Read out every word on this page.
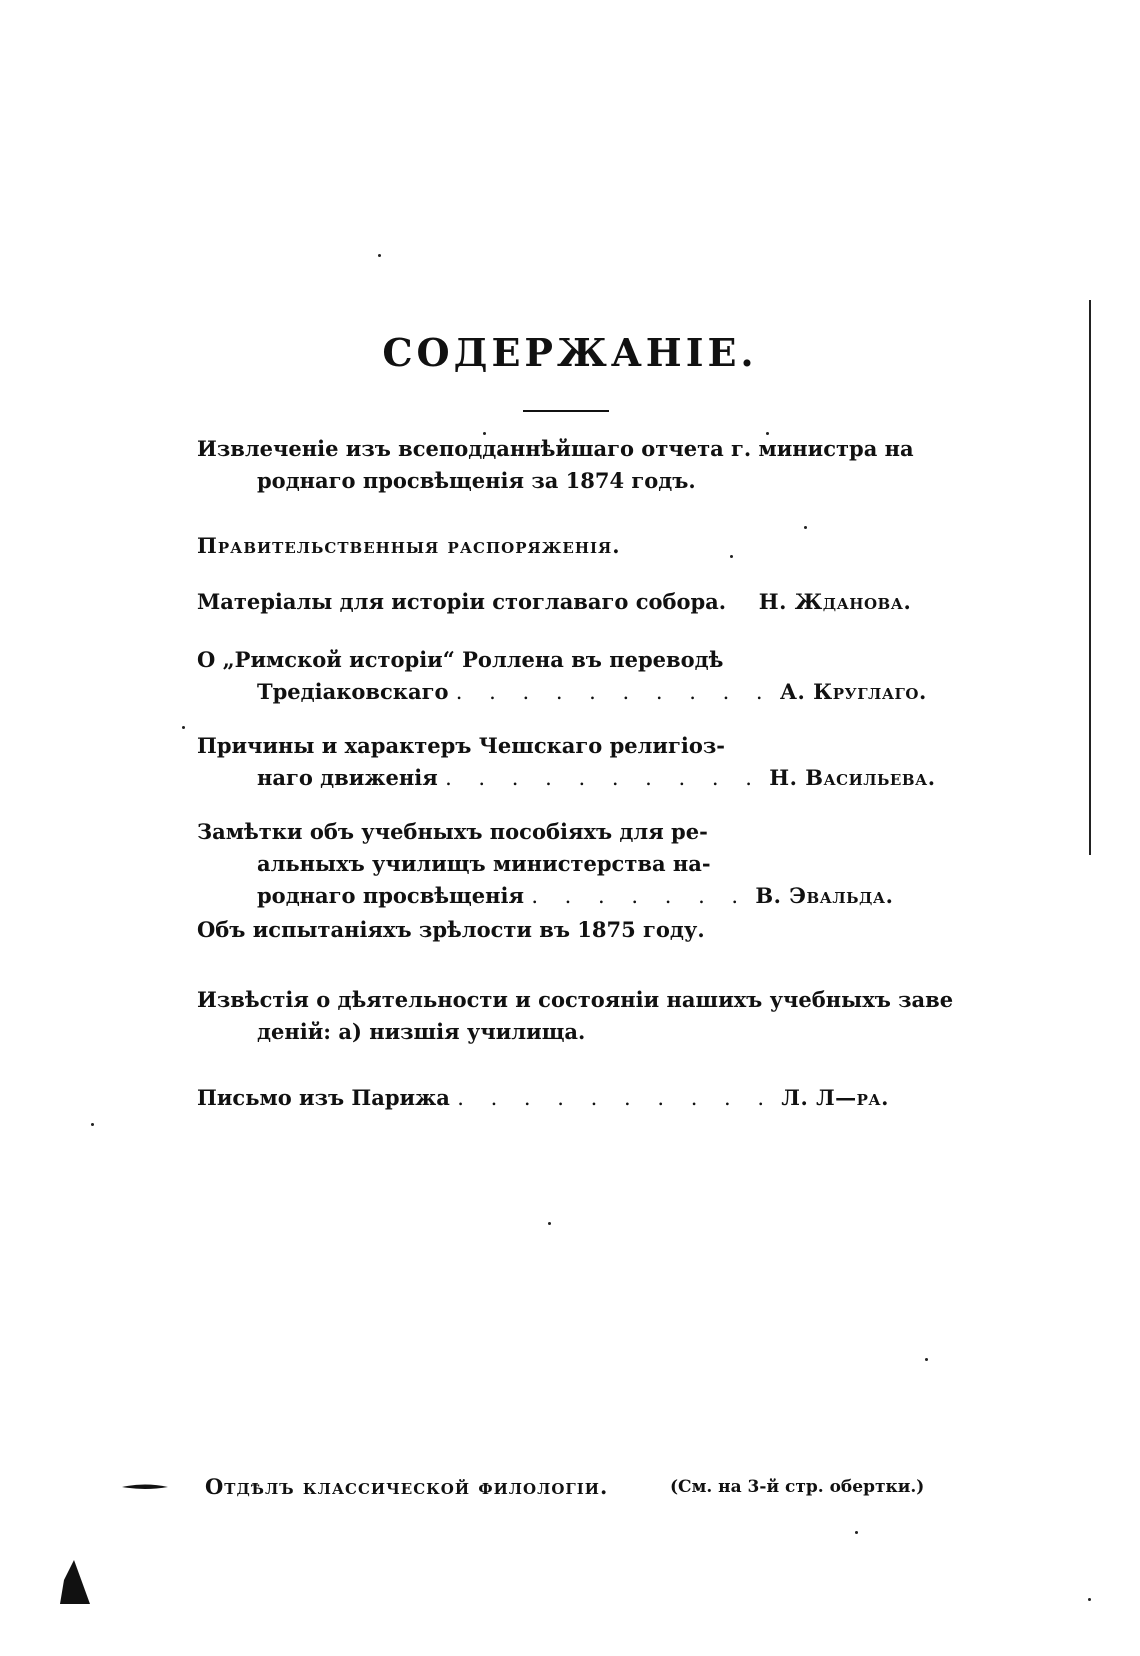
СОДЕРЖАНІЕ.
Извлеченіе изъ всеподданнѣйшаго отчета г. министра на
роднаго просвѣщенія за 1874 годъ.
Правительственныя распоряженія.
Матеріалы для исторіи стоглаваго собора. Н. Жданова.
О „Римской исторіи“ Роллена въ переводѣ
Тредіаковскаго . . . . . . . . . . А. Круглаго.
Причины и характеръ Чешскаго религіоз-
наго движенія . . . . . . . . . . Н. Васильева.
Замѣтки объ учебныхъ пособіяхъ для ре-
альныхъ училищъ министерства на-
роднаго просвѣщенія . . . . . . . В. Эвальда.
Объ испытаніяхъ зрѣлости въ 1875 году.
Извѣстія о дѣятельности и состояніи нашихъ учебныхъ заве
деній: а) низшія училища.
Письмо изъ Парижа . . . . . . . . . . Л. Л—ра.
Отдѣлъ классической филологіи.	(См. на 3-й стр. обертки.)
